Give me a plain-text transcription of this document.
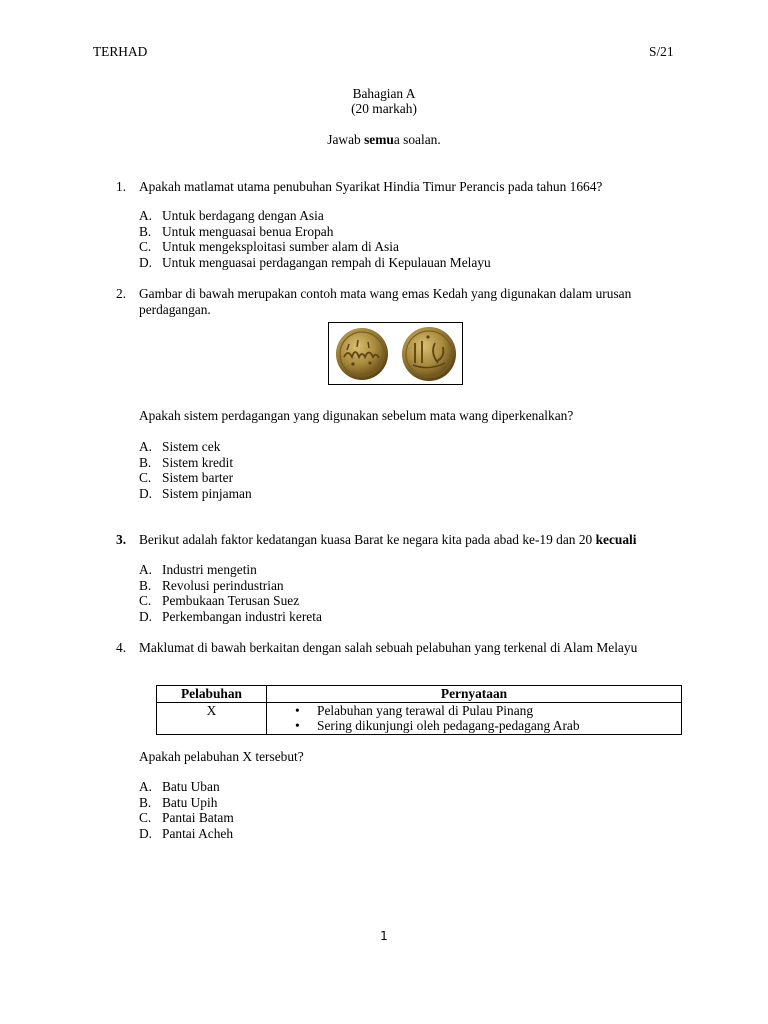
TERHAD	S/21
Bahagian A
(20 markah)
Jawab semua soalan.
1. Apakah matlamat utama penubuhan Syarikat Hindia Timur Perancis pada tahun 1664?
A. Untuk berdagang dengan Asia
B. Untuk menguasai benua Eropah
C. Untuk mengeksploitasi sumber alam di Asia
D. Untuk menguasai perdagangan rempah di Kepulauan Melayu
2. Gambar di bawah merupakan contoh mata wang emas Kedah yang digunakan dalam urusan perdagangan.
Apakah sistem perdagangan yang digunakan sebelum mata wang diperkenalkan?
A. Sistem cek
B. Sistem kredit
C. Sistem barter
D. Sistem pinjaman
3. Berikut adalah faktor kedatangan kuasa Barat ke negara kita pada abad ke-19 dan 20 kecuali
A. Industri mengetin
B. Revolusi perindustrian
C. Pembukaan Terusan Suez
D. Perkembangan industri kereta
4. Maklumat di bawah berkaitan dengan salah sebuah pelabuhan yang terkenal di Alam Melayu
Pelabuhan	Pernyataan
X	• Pelabuhan yang terawal di Pulau Pinang
• Sering dikunjungi oleh pedagang-pedagang Arab
Apakah pelabuhan X tersebut?
A. Batu Uban
B. Batu Upih
C. Pantai Batam
D. Pantai Acheh
1
